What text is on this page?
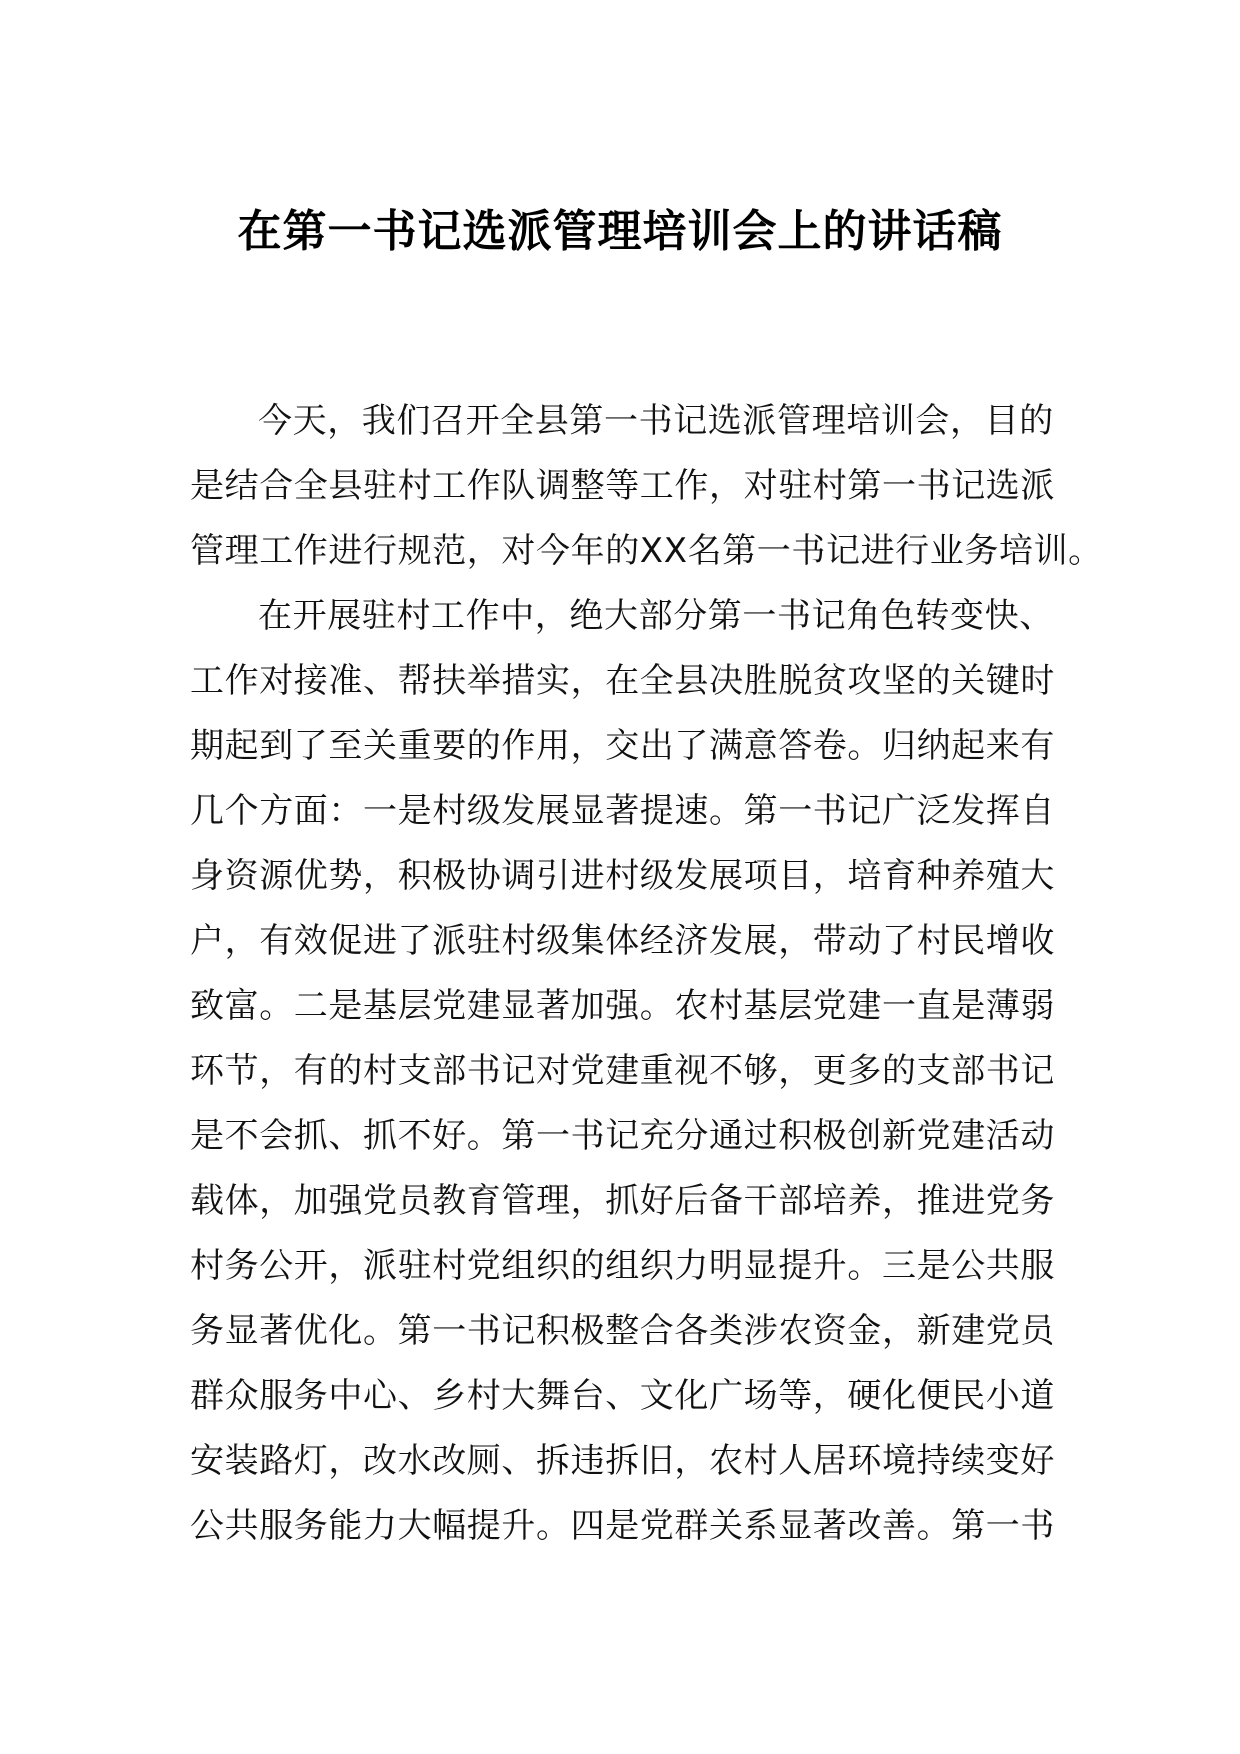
在第一书记选派管理培训会上的讲话稿
今天，我们召开全县第一书记选派管理培训会，目的
是结合全县驻村工作队调整等工作，对驻村第一书记选派
管理工作进行规范，对今年的XX名第一书记进行业务培训。
在开展驻村工作中，绝大部分第一书记角色转变快、
工作对接准、帮扶举措实，在全县决胜脱贫攻坚的关键时
期起到了至关重要的作用，交出了满意答卷。归纳起来有
几个方面：一是村级发展显著提速。第一书记广泛发挥自
身资源优势，积极协调引进村级发展项目，培育种养殖大
户，有效促进了派驻村级集体经济发展，带动了村民增收
致富。二是基层党建显著加强。农村基层党建一直是薄弱
环节，有的村支部书记对党建重视不够，更多的支部书记
是不会抓、抓不好。第一书记充分通过积极创新党建活动
载体，加强党员教育管理，抓好后备干部培养，推进党务
村务公开，派驻村党组织的组织力明显提升。三是公共服
务显著优化。第一书记积极整合各类涉农资金，新建党员
群众服务中心、乡村大舞台、文化广场等，硬化便民小道
安装路灯，改水改厕、拆违拆旧，农村人居环境持续变好
公共服务能力大幅提升。四是党群关系显著改善。第一书
